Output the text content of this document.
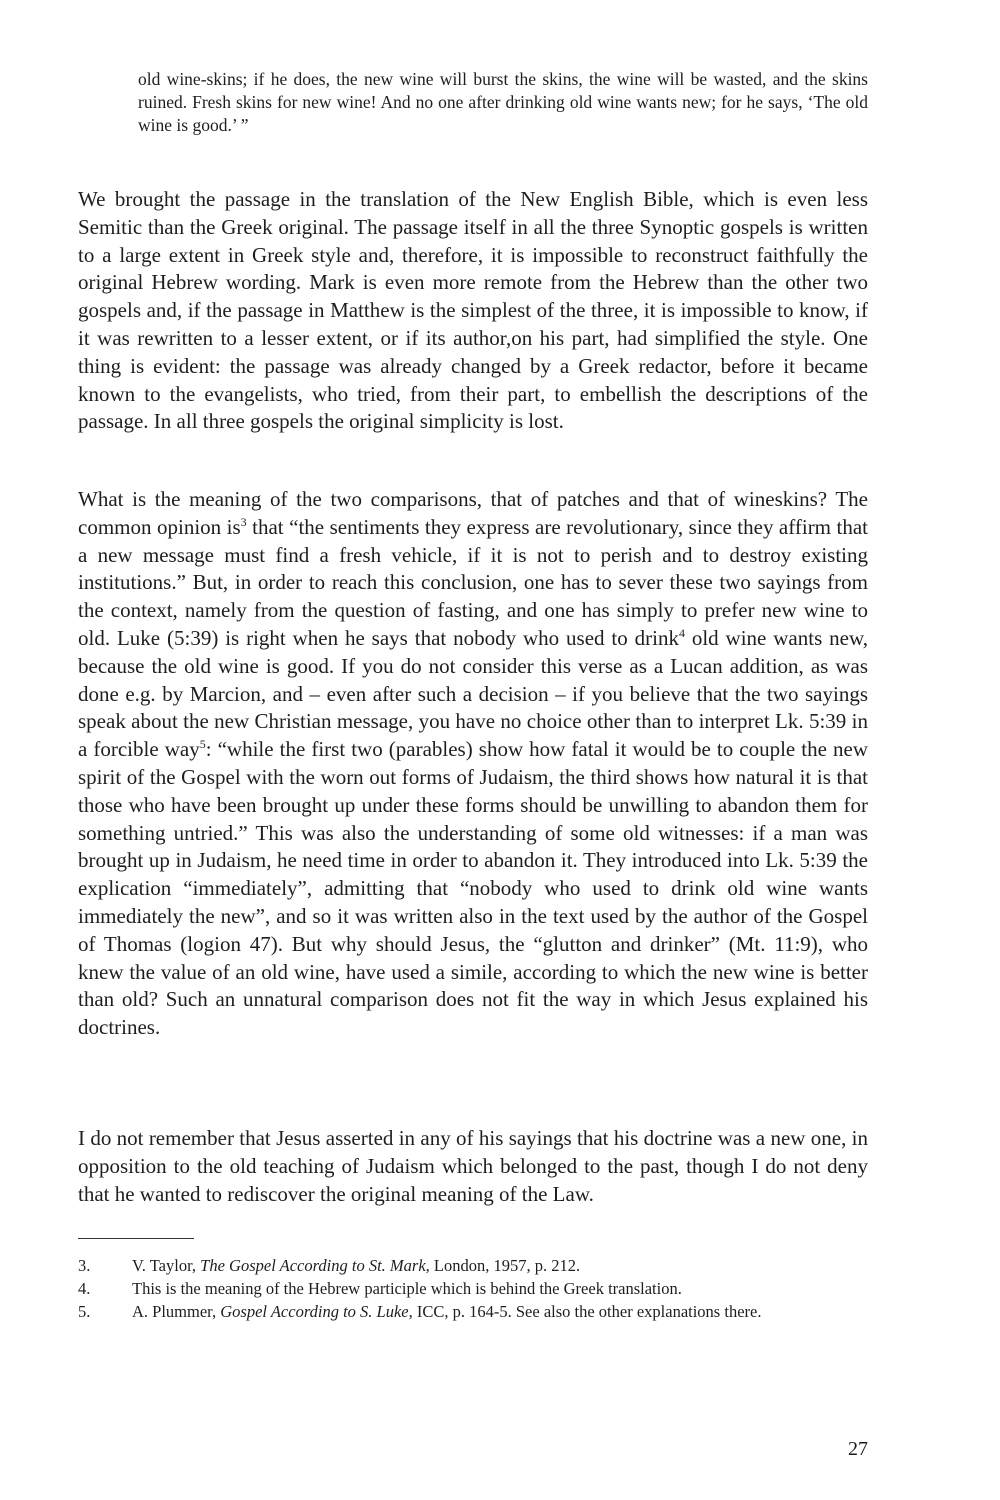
old wine-skins; if he does, the new wine will burst the skins, the wine will be wasted, and the skins ruined. Fresh skins for new wine! And no one after drinking old wine wants new; for he says, ‘The old wine is good.’ ”

We brought the passage in the translation of the New English Bible, which is even less Semitic than the Greek original. The passage itself in all the three Synoptic gospels is written to a large extent in Greek style and, therefore, it is impossible to reconstruct faithfully the original Hebrew wording. Mark is even more remote from the Hebrew than the other two gospels and, if the passage in Matthew is the simplest of the three, it is impossible to know, if it was rewritten to a lesser extent, or if its author,on his part, had simplified the style. One thing is evident: the passage was already changed by a Greek redactor, before it became known to the evangelists, who tried, from their part, to embellish the descriptions of the passage. In all three gospels the original simplicity is lost.

What is the meaning of the two comparisons, that of patches and that of wineskins? The common opinion $is^3$ that “the sentiments they express are revolutionary, since they affirm that a new message must find a fresh vehicle, if it is not to perish and to destroy existing institutions.” But, in order to reach this conclusion, one has to sever these two sayings from the context, namely from the question of fasting, and one has simply to prefer new wine to old. Luke (5:39) is right when he says that nobody who used to drink$^4$ old wine wants new, because the old wine is good. If you do not consider this verse as a Lucan addition, as was done e.g. by Marcion, and – even after such a decision – if you believe that the two sayings speak about the new Christian message, you have no choice other than to interpret Lk. 5:39 in a forcible way$^5$: “while the first two (parables) show how fatal it would be to couple the new spirit of the Gospel with the worn out forms of Judaism, the third shows how natural it is that those who have been brought up under these forms should be unwilling to abandon them for something untried.” This was also the understanding of some old witnesses: if a man was brought up in Judaism, he need time in order to abandon it. They introduced into Lk. 5:39 the explication “immediately”, admitting that “nobody who used to drink old wine wants immediately the new”, and so it was written also in the text used by the author of the Gospel of Thomas (logion 47). But why should Jesus, the “glutton and drinker” (Mt. 11:9), who knew the value of an old wine, have used a simile, according to which the new wine is better than old? Such an unnatural comparison does not fit the way in which Jesus explained his doctrines.

I do not remember that Jesus asserted in any of his sayings that his doctrine was a new one, in opposition to the old teaching of Judaism which belonged to the past, though I do not deny that he wanted to rediscover the original meaning of the Law.

3.	V. Taylor, The Gospel According to St. Mark, London, 1957, p. 212.
4.	This is the meaning of the Hebrew participle which is behind the Greek translation.
5.	A. Plummer, Gospel According to S. Luke, ICC, p. 164-5. See also the other explanations there.
27
